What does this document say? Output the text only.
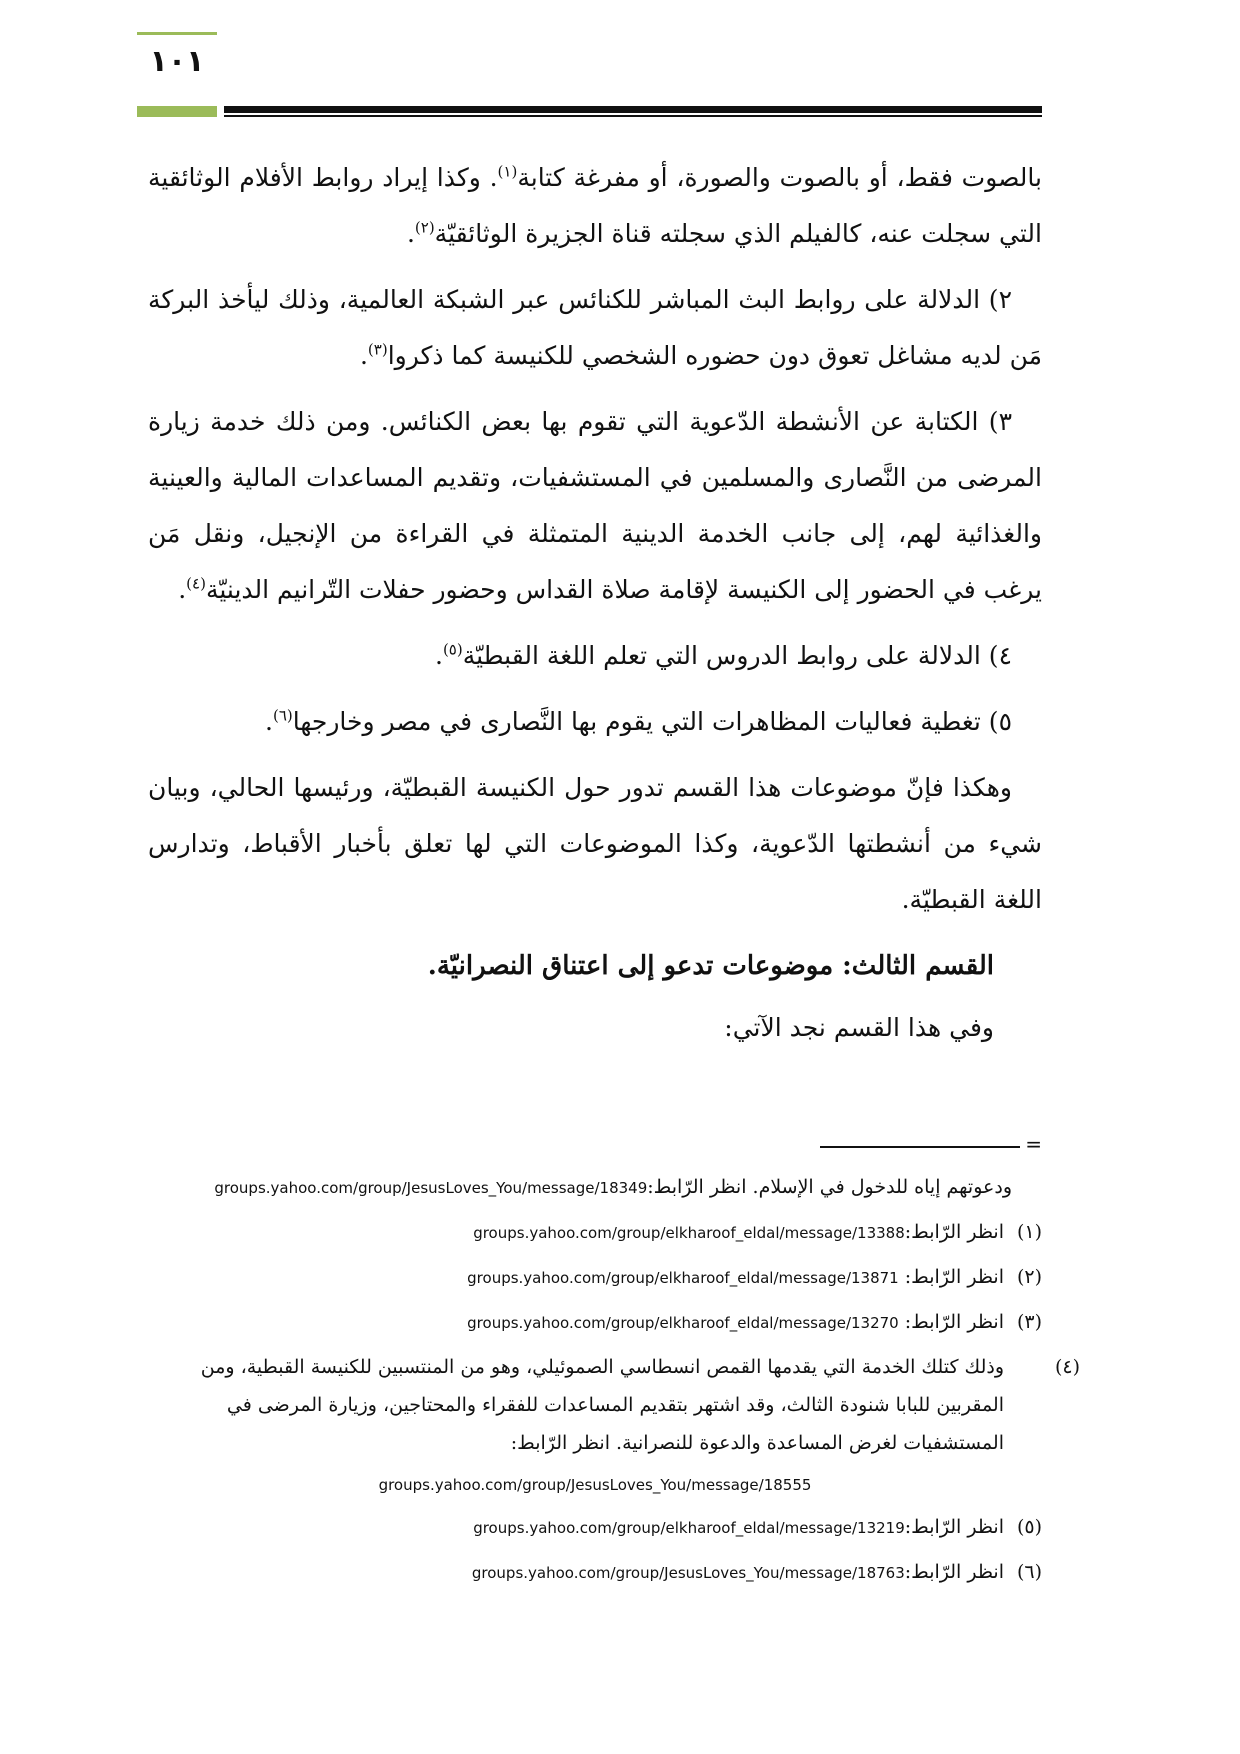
١٠١

بالصوت فقط، أو بالصوت والصورة، أو مفرغة كتابة$^{(١)}$. وكذا إيراد روابط الأفلام الوثائقية التي سجلت عنه، كالفيلم الذي سجلته قناة الجزيرة الوثائقيّة$^{(٢)}$.

٢) الدلالة على روابط البث المباشر للكنائس عبر الشبكة العالمية، وذلك ليأخذ البركة مَن لديه مشاغل تعوق دون حضوره الشخصي للكنيسة كما ذكروا$^{(٣)}$.

٣) الكتابة عن الأنشطة الدّعوية التي تقوم بها بعض الكنائس. ومن ذلك خدمة زيارة المرضى من النَّصارى والمسلمين في المستشفيات، وتقديم المساعدات المالية والعينية والغذائية لهم، إلى جانب الخدمة الدينية المتمثلة في القراءة من الإنجيل، ونقل مَن يرغب في الحضور إلى الكنيسة لإقامة صلاة القداس وحضور حفلات التّرانيم الدينيّة$^{(٤)}$.

٤) الدلالة على روابط الدروس التي تعلم اللغة القبطيّة$^{(٥)}$.

٥) تغطية فعاليات المظاهرات التي يقوم بها النَّصارى في مصر وخارجها$^{(٦)}$.

وهكذا فإنّ موضوعات هذا القسم تدور حول الكنيسة القبطيّة، ورئيسها الحالي، وبيان شيء من أنشطتها الدّعوية، وكذا الموضوعات التي لها تعلق بأخبار الأقباط، وتدارس اللغة القبطيّة.

القسم الثالث: موضوعات تدعو إلى اعتناق النصرانيّة.

وفي هذا القسم نجد الآتي:

=

ودعوتهم إياه للدخول في الإسلام. انظر الرّابط:groups.yahoo.com/group/JesusLoves_You/message/18349

(١)انظر الرّابط:groups.yahoo.com/group/elkharoof_eldal/message/13388

(٢)انظر الرّابط: groups.yahoo.com/group/elkharoof_eldal/message/13871

(٣)انظر الرّابط: groups.yahoo.com/group/elkharoof_eldal/message/13270

(٤)وذلك كتلك الخدمة التي يقدمها القمص انسطاسي الصموئيلي، وهو من المنتسبين للكنيسة القبطية، ومن المقربين للبابا شنودة الثالث، وقد اشتهر بتقديم المساعدات للفقراء والمحتاجين، وزيارة المرضى في المستشفيات لغرض المساعدة والدعوة للنصرانية. انظر الرّابط:

groups.yahoo.com/group/JesusLoves_You/message/18555

(٥)انظر الرّابط:groups.yahoo.com/group/elkharoof_eldal/message/13219

(٦)انظر الرّابط:groups.yahoo.com/group/JesusLoves_You/message/18763
